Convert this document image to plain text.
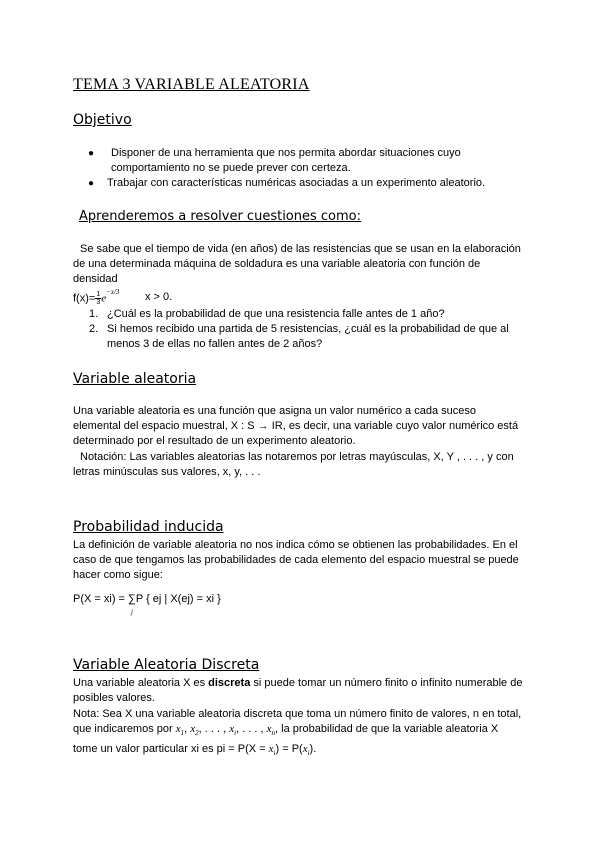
TEMA 3 VARIABLE ALEATORIA
Objetivo
● Disponer de una herramienta que nos permita abordar situaciones cuyo
comportamiento no se puede prever con certeza.
● Trabajar con características numéricas asociadas a un experimento aleatorio.
Aprenderemos a resolver cuestiones como:
Se sabe que el tiempo de vida (en años) de las resistencias que se usan en la elaboración
de una determinada máquina de soldadura es una variable aleatoria con función de
densidad
$f(x)= \frac{1}{3} e^{-x/3}$ x > 0.
1. ¿Cuál es la probabilidad de que una resistencia falle antes de 1 año?
2. Si hemos recibido una partida de 5 resistencias, ¿cuál es la probabilidad de que al
menos 3 de ellas no fallen antes de 2 años?
Variable aleatoria
Una variable aleatoria es una función que asigna un valor numérico a cada suceso
elemental del espacio muestral, X : S → IR, es decir, una variable cuyo valor numérico está
determinado por el resultado de un experimento aleatorio.
Notación: Las variables aleatorias las notaremos por letras mayúsculas, X, Y , . . . , y con
letras minúsculas sus valores, x, y, . . .
Probabilidad inducida
La definición de variable aleatoria no nos indica cómo se obtienen las probabilidades. En el
caso de que tengamos las probabilidades de cada elemento del espacio muestral se puede
hacer como sigue:
P(X = xi) = ∑
j
P { ej | X(ej) = xi }
Variable Aleatoria Discreta
Una variable aleatoria X es discreta si puede tomar un número finito o infinito numerable de
posibles valores.
Nota: Sea X una variable aleatoria discreta que toma un número finito de valores, n en total,
que indicaremos por $x_1$, $x_2$, . . . , $x_i$, . . . , $x_n$, la probabilidad de que la variable aleatoria X
tome un valor particular xi es pi = $P(X = x_i) = P(x_i)$.
